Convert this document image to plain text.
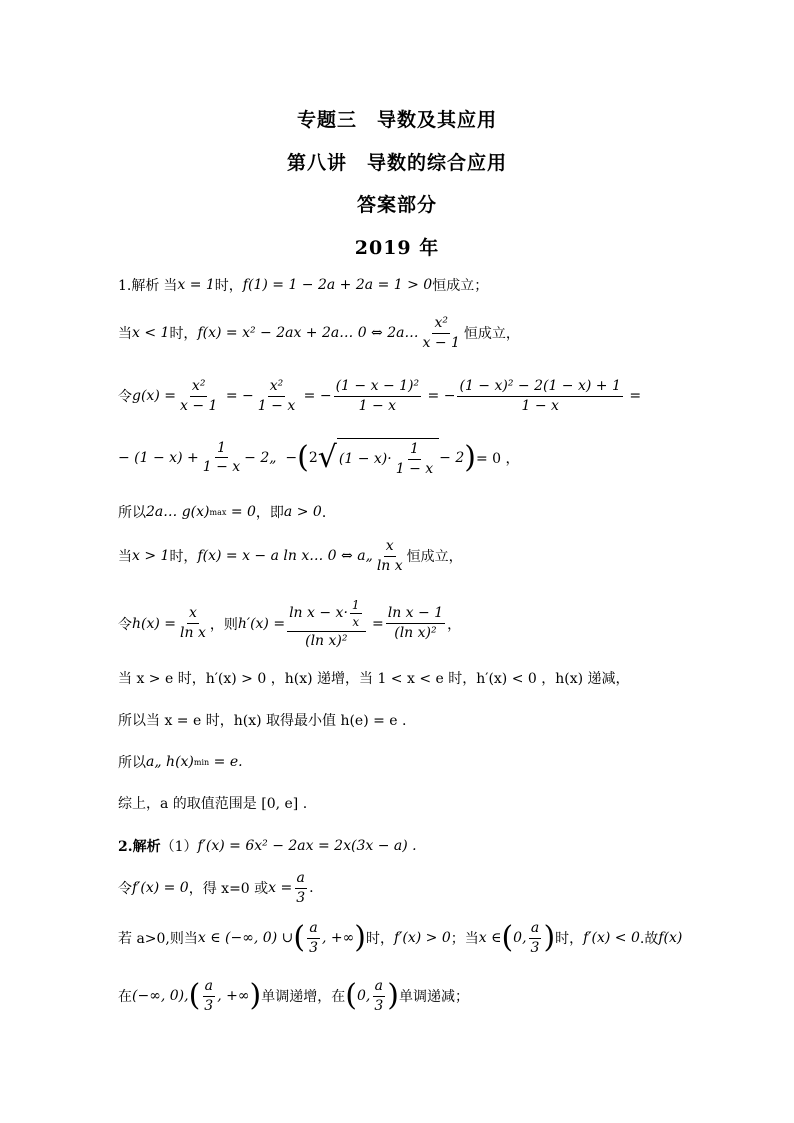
专题三　导数及其应用
第八讲　导数的综合应用
答案部分
2019 年
1.解析 当 x = 1 时， f(1) = 1 − 2a + 2a = 1 > 0 恒成立；
当 x < 1 时， f(x) = x² − 2ax + 2a… 0 ⇔ 2a… $\frac{\text{x²}}{x - 1}$ 恒成立，
令 $g(x) = \frac{\text{x²}}{x - 1}$ = − $\frac{\text{x²}}{1 - x}$ = − $\frac{\text{(1 − x − 1)²}}{1 - x}$ = − $\frac{\text{(1 − x)² − 2(1 − x) + 1}}{1 - x}$ =
− $(1 - x) + \frac{1}{1 - x}$ − 2„ − ( 2 √ $(1 - x)\cdot \frac{1}{1 - x} - 2$ ) = 0 ，
所以 2a… g(x) max
= 0 ，即 a > 0 ．
当 x > 1 时， f(x) = x − a ln x… 0 ⇔ a„ $\frac{x}{\text{ln x}}$ 恒成立，
令 $h(x) = \frac{x}{\text{ln x}}$ ，则 $h'(x) = \frac{\ln x - x\cdot \frac{1}{x}}{\text{(ln x)²}} = \frac{\text{ln x − 1}}{\text{(ln x)²}}$ ，
当 x > e 时，h′(x) > 0 ，h(x) 递增，当 1 < x < e 时，h′(x) < 0 ，h(x) 递减，
所以当 x = e 时，h(x) 取得最小值 h(e) = e .
所以 a„ h(x) min
= e.
综上，a 的取值范围是 [0, e] .
2.解析 （1） f′(x) = 6x² − 2ax = 2x(3x − a) .
令 f′(x) = 0 ，得 x=0 或 $x = \frac{a}{3}$ .
若 a>0,则当 x ∈ (−∞, 0) ∪ ( $\frac{a}{3}$ , +∞ ) 时， f′(x) > 0 ；当 x ∈ ( 0, $\frac{a}{3}$ ) 时， f′(x) < 0 .故 f(x)
在 (−∞, 0), ( $\frac{a}{3}$ , +∞ ) 单调递增，在 ( 0, $\frac{a}{3}$ ) 单调递减；
